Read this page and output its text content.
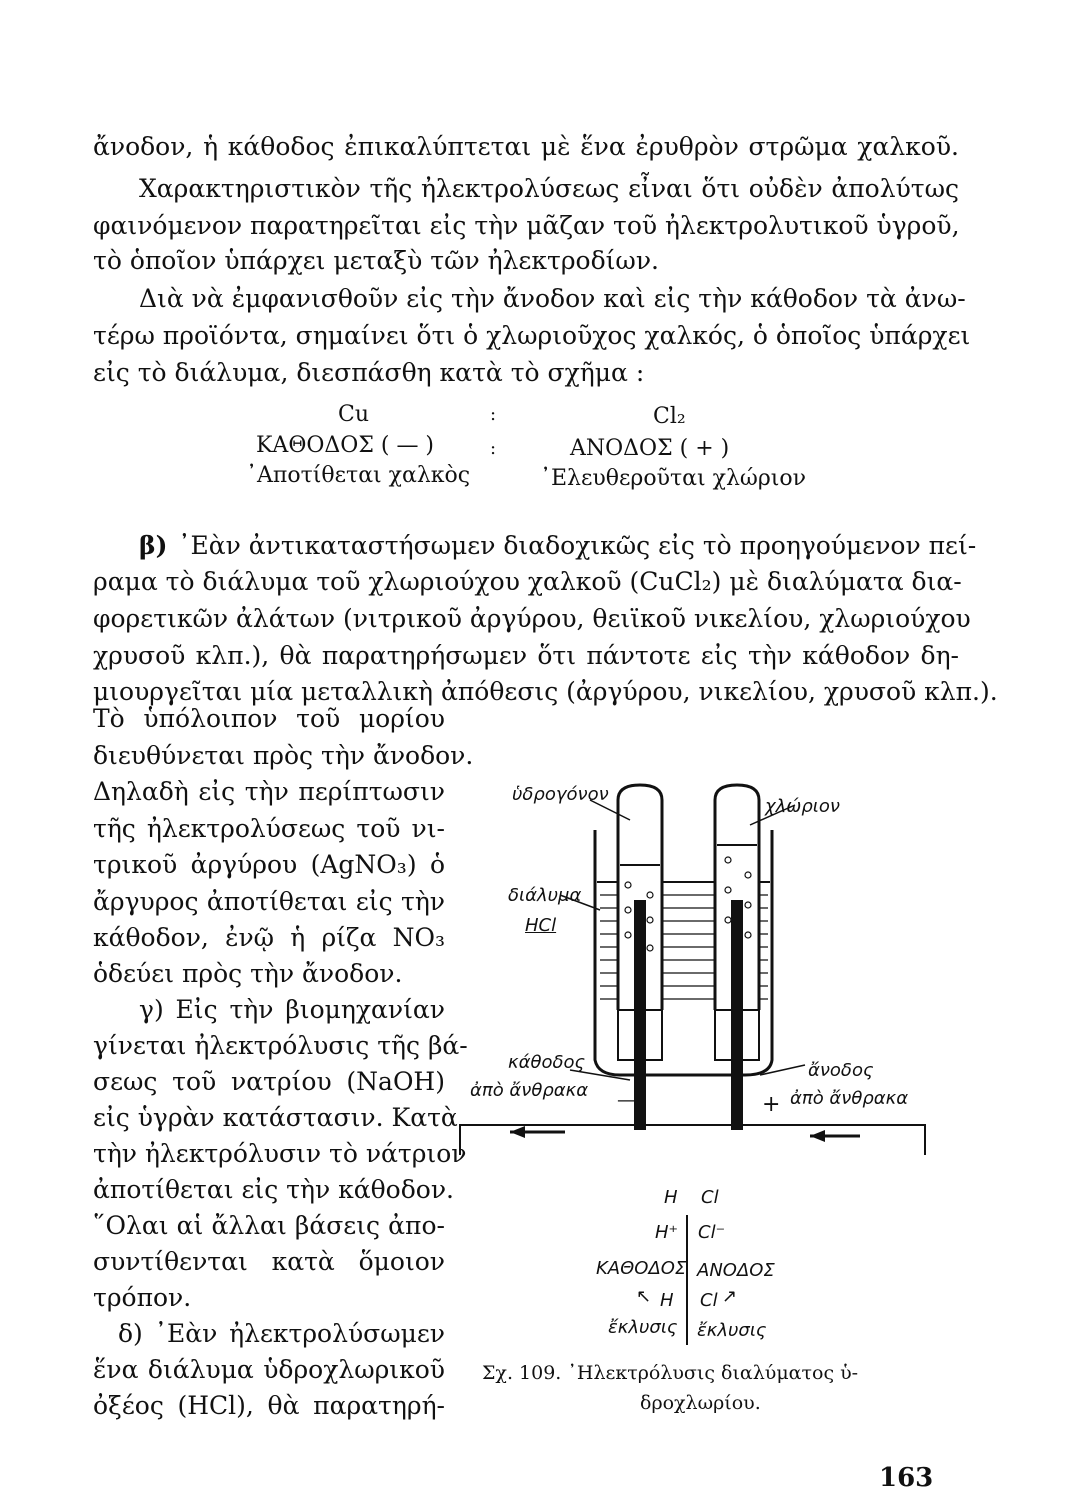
ἄνοδον, ἡ κάθοδος ἐπικαλύπτεται μὲ ἕνα ἐρυθρὸν στρῶμα χαλκοῦ.
Χαρακτηριστικὸν τῆς ἠλεκτρολύσεως εἶναι ὅτι οὐδὲν ἀπολύτως
φαινόμενον παρατηρεῖται εἰς τὴν μᾶζαν τοῦ ἠλεκτρολυτικοῦ ὑγροῦ,
τὸ ὁποῖον ὑπάρχει μεταξὺ τῶν ἠλεκτροδίων.
Διὰ νὰ ἐμφανισθοῦν εἰς τὴν ἄνοδον καὶ εἰς τὴν κάθοδον τὰ ἀνω-
τέρω προϊόντα, σημαίνει ὅτι ὁ χλωριοῦχος χαλκός, ὁ ὁποῖος ὑπάρχει
εἰς τὸ διάλυμα, διεσπάσθη κατὰ τὸ σχῆμα :
Cu
ΚΑΘΟΔΟΣ ( — )
᾿Αποτίθεται χαλκὸς
:
:
Cl₂
ΑΝΟΔΟΣ ( + )
᾿Ελευθεροῦται χλώριον
β) ᾿Εὰν ἀντικαταστήσωμεν διαδοχικῶς εἰς τὸ προηγούμενον πεί-
ραμα τὸ διάλυμα τοῦ χλωριούχου χαλκοῦ (CuCl₂) μὲ διαλύματα δια-
φορετικῶν ἀλάτων (νιτρικοῦ ἀργύρου, θειϊκοῦ νικελίου, χλωριούχου
χρυσοῦ κλπ.), θὰ παρατηρήσωμεν ὅτι πάντοτε εἰς τὴν κάθοδον δη-
μιουργεῖται μία μεταλλικὴ ἀπόθεσις (ἀργύρου, νικελίου, χρυσοῦ κλπ.).
Τὸ ὑπόλοιπον τοῦ μορίου
διευθύνεται πρὸς τὴν ἄνοδον.
Δηλαδὴ εἰς τὴν περίπτωσιν
τῆς ἠλεκτρολύσεως τοῦ νι-
τρικοῦ ἀργύρου (AgNO₃) ὁ
ἄργυρος ἀποτίθεται εἰς τὴν
κάθοδον, ἐνῷ ἡ ρίζα NO₃
ὁδεύει πρὸς τὴν ἄνοδον.
γ) Εἰς τὴν βιομηχανίαν
γίνεται ἠλεκτρόλυσις τῆς βά-
σεως τοῦ νατρίου (NaOH)
εἰς ὑγρὰν κατάστασιν. Κατὰ
τὴν ἠλεκτρόλυσιν τὸ νάτριον
ἀποτίθεται εἰς τὴν κάθοδον.
῞Ολαι αἱ ἄλλαι βάσεις ἀπο-
συντίθενται κατὰ ὅμοιον
τρόπον.
δ) ᾿Εὰν ἠλεκτρολύσωμεν
ἕνα διάλυμα ὑδροχλωρικοῦ
ὀξέος (HCl), θὰ παρατηρή-
ὑδρογόνον
χλώριον
διάλυμα
HCl
κάθοδος
ἀπὸ ἄνθρακα —
ἄνοδος
ἀπὸ ἄνθρακα
+
H Cl
H⁺ Cl⁻
ΚΑΘΟΔΟΣ ΑΝΟΔΟΣ
↖ H Cl ↗
ἔκλυσις ἔκλυσις
Σχ. 109. ᾿Ηλεκτρόλυσις διαλύματος ὑ-
δροχλωρίου.
163
